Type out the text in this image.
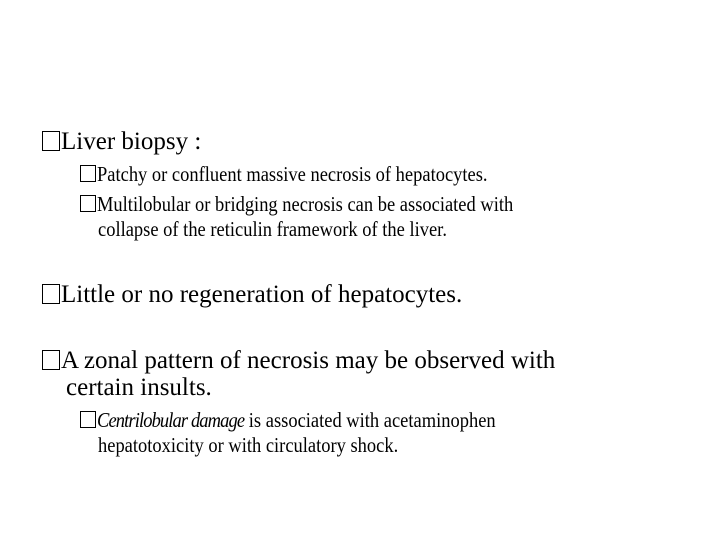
Liver biopsy :
Patchy or confluent massive necrosis of hepatocytes.
Multilobular or bridging necrosis can be associated with
collapse of the reticulin framework of the liver.
Little or no regeneration of hepatocytes.
A zonal pattern of necrosis may be observed with
certain insults.
Centrilobular damage is associated with acetaminophen
hepatotoxicity or with circulatory shock.
